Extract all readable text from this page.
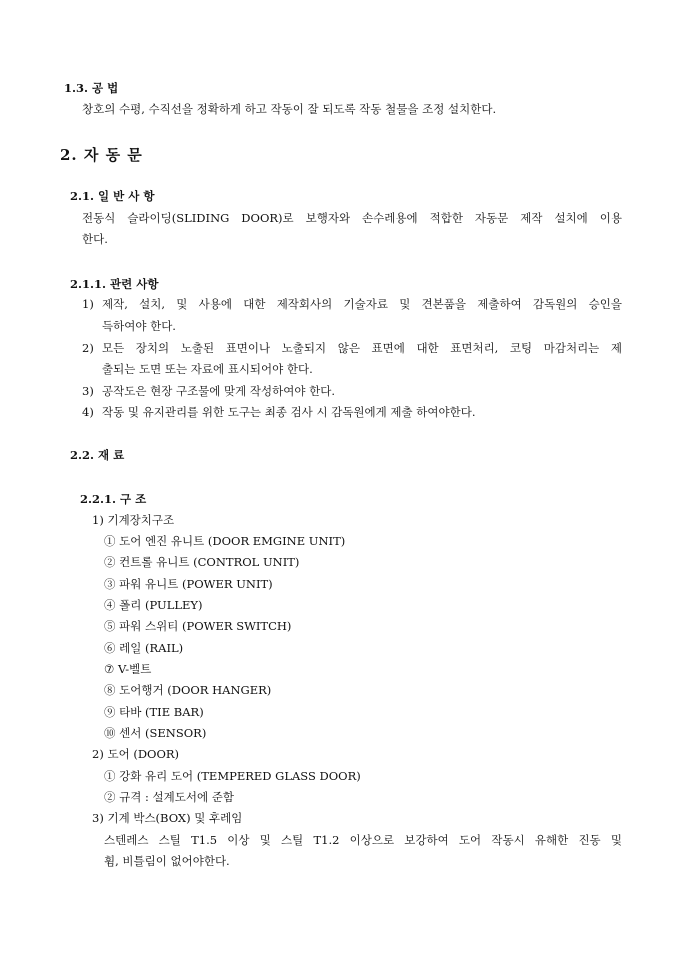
1.3. 공 법
창호의 수평, 수직선을 정확하게 하고 작동이 잘 되도록 작동 철물을 조정 설치한다.
2. 자 동 문
2.1. 일 반 사 항
전동식 슬라이딩(SLIDING DOOR)로 보행자와 손수레용에 적합한 자동문 제작 설치에 이용
한다.
2.1.1. 관련 사항
1) 제작, 설치, 및 사용에 대한 제작회사의 기술자료 및 견본품을 제출하여 감독원의 승인을
득하여야 한다.
2) 모든 장치의 노출된 표면이나 노출되지 않은 표면에 대한 표면처리, 코팅 마감처리는 제
출되는 도면 또는 자료에 표시되어야 한다.
3) 공작도은 현장 구조물에 맞게 작성하여야 한다.
4) 작동 및 유지관리를 위한 도구는 최종 검사 시 감독원에게 제출 하여야한다.
2.2. 재 료
2.2.1. 구 조
1) 기계장치구조
① 도어 엔진 유니트 (DOOR EMGINE UNIT)
② 컨트롤 유니트 (CONTROL UNIT)
③ 파워 유니트 (POWER UNIT)
④ 폴리 (PULLEY)
⑤ 파워 스위티 (POWER SWITCH)
⑥ 레일 (RAIL)
⑦ V-벨트
⑧ 도어행거 (DOOR HANGER)
⑨ 타바 (TIE BAR)
⑩ 센서 (SENSOR)
2) 도어 (DOOR)
① 강화 유리 도어 (TEMPERED GLASS DOOR)
② 규격 : 설계도서에 준함
3) 기계 박스(BOX) 및 후레임
스텐레스 스틸 T1.5 이상 및 스틸 T1.2 이상으로 보강하여 도어 작동시 유해한 진동 및
휨, 비틀림이 없어야한다.
